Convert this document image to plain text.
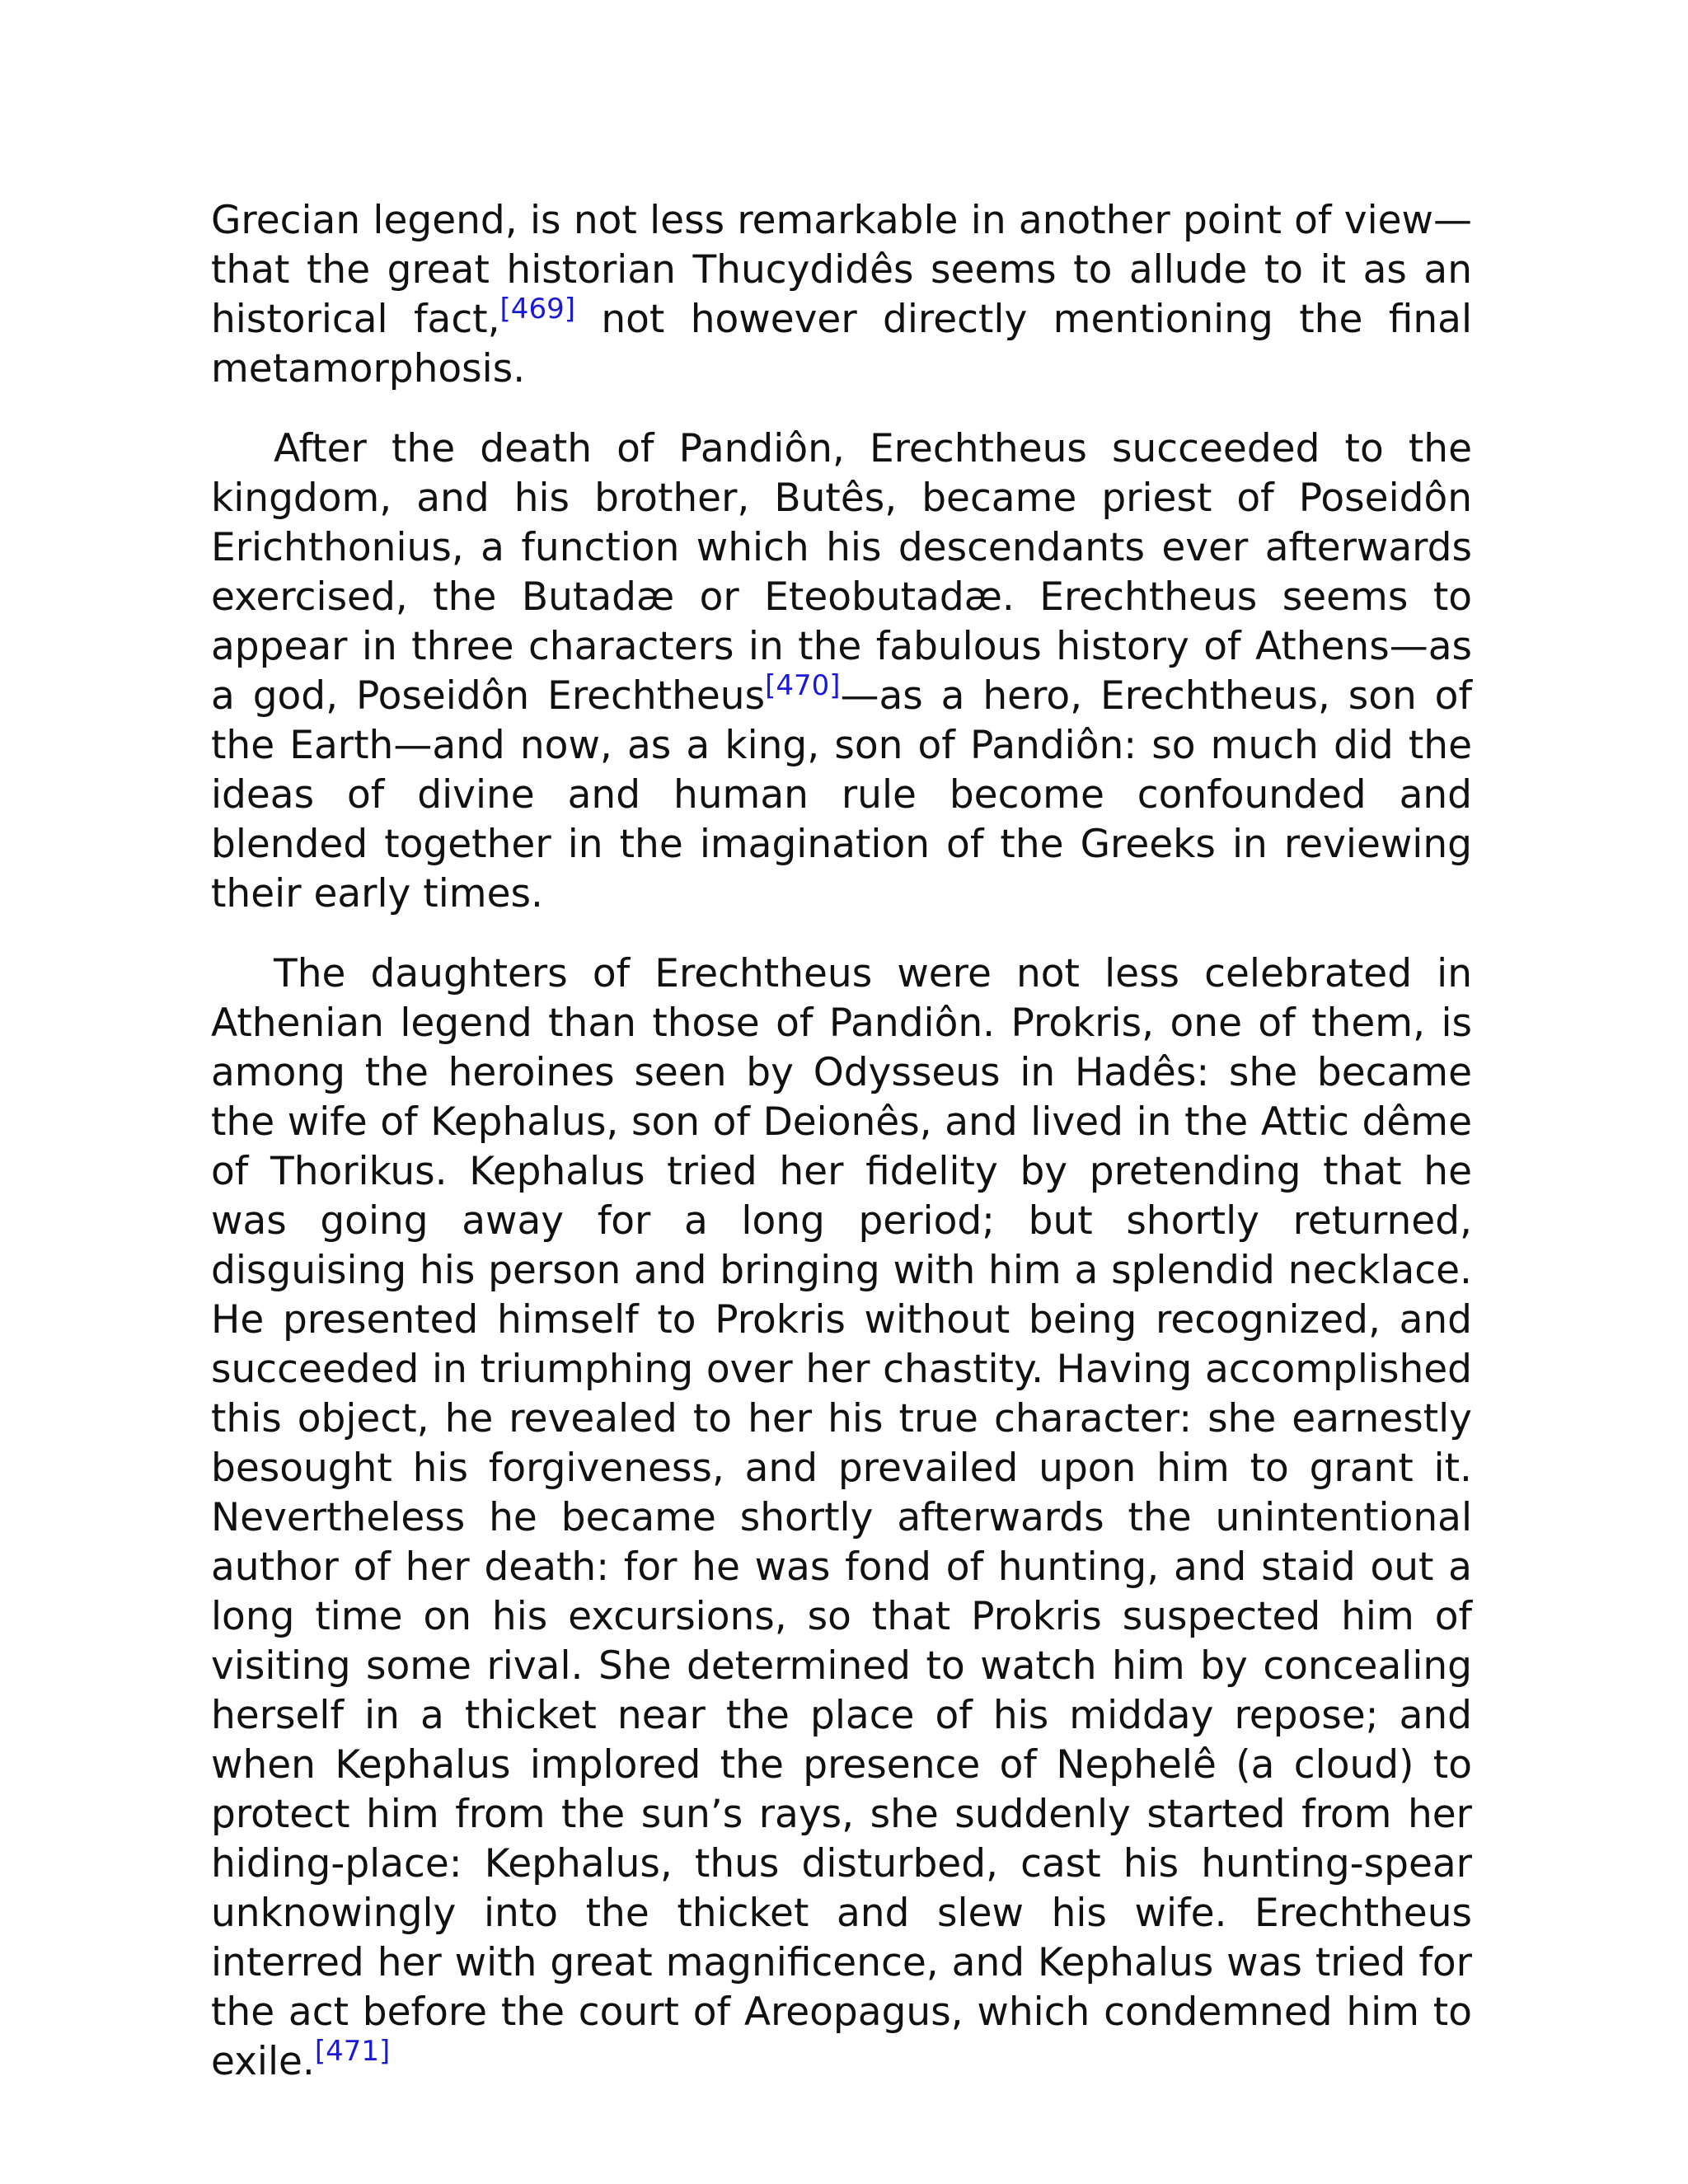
Grecian legend, is not less remarkable in another point of view—that the great historian Thucydidês seems to allude to it as an historical fact,[469] not however directly mentioning the final metamorphosis.

After the death of Pandiôn, Erechtheus succeeded to the kingdom, and his brother, Butês, became priest of Poseidôn Erichthonius, a function which his descendants ever afterwards exercised, the Butadæ or Eteobutadæ. Erechtheus seems to appear in three characters in the fabulous history of Athens—as a god, Poseidôn Erechtheus[470]—as a hero, Erechtheus, son of the Earth—and now, as a king, son of Pandiôn: so much did the ideas of divine and human rule become confounded and blended together in the imagination of the Greeks in reviewing their early times.

The daughters of Erechtheus were not less celebrated in Athenian legend than those of Pandiôn. Prokris, one of them, is among the heroines seen by Odysseus in Hadês: she became the wife of Kephalus, son of Deionês, and lived in the Attic dême of Thorikus. Kephalus tried her fidelity by pretending that he was going away for a long period; but shortly returned, disguising his person and bringing with him a splendid necklace. He presented himself to Prokris without being recognized, and succeeded in triumphing over her chastity. Having accomplished this object, he revealed to her his true character: she earnestly besought his forgiveness, and prevailed upon him to grant it. Nevertheless he became shortly afterwards the unintentional author of her death: for he was fond of hunting, and staid out a long time on his excursions, so that Prokris suspected him of visiting some rival. She determined to watch him by concealing herself in a thicket near the place of his midday repose; and when Kephalus implored the presence of Nephelê (a cloud) to protect him from the sun’s rays, she suddenly started from her hiding-place: Kephalus, thus disturbed, cast his hunting-spear unknowingly into the thicket and slew his wife. Erechtheus interred her with great magnificence, and Kephalus was tried for the act before the court of Areopagus, which condemned him to exile.[471]
